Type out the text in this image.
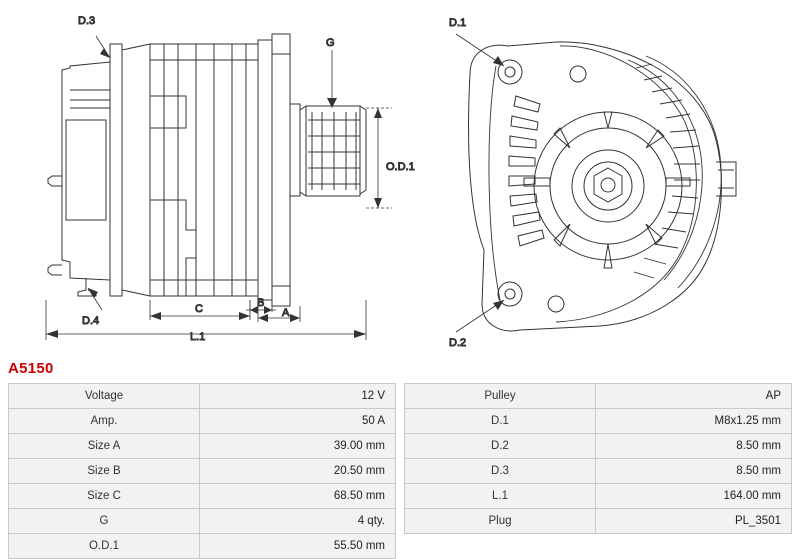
D.3
G
O.D.1
D.4
C	B
A
L.1
D.1
D.2
A5150
Voltage	12 V
Amp.	50 A
Size A	39.00 mm
Size B	20.50 mm
Size C	68.50 mm
G	4 qty.
O.D.1	55.50 mm
Pulley	AP
D.1	M8x1.25 mm
D.2	8.50 mm
D.3	8.50 mm
L.1	164.00 mm
Plug	PL_3501
